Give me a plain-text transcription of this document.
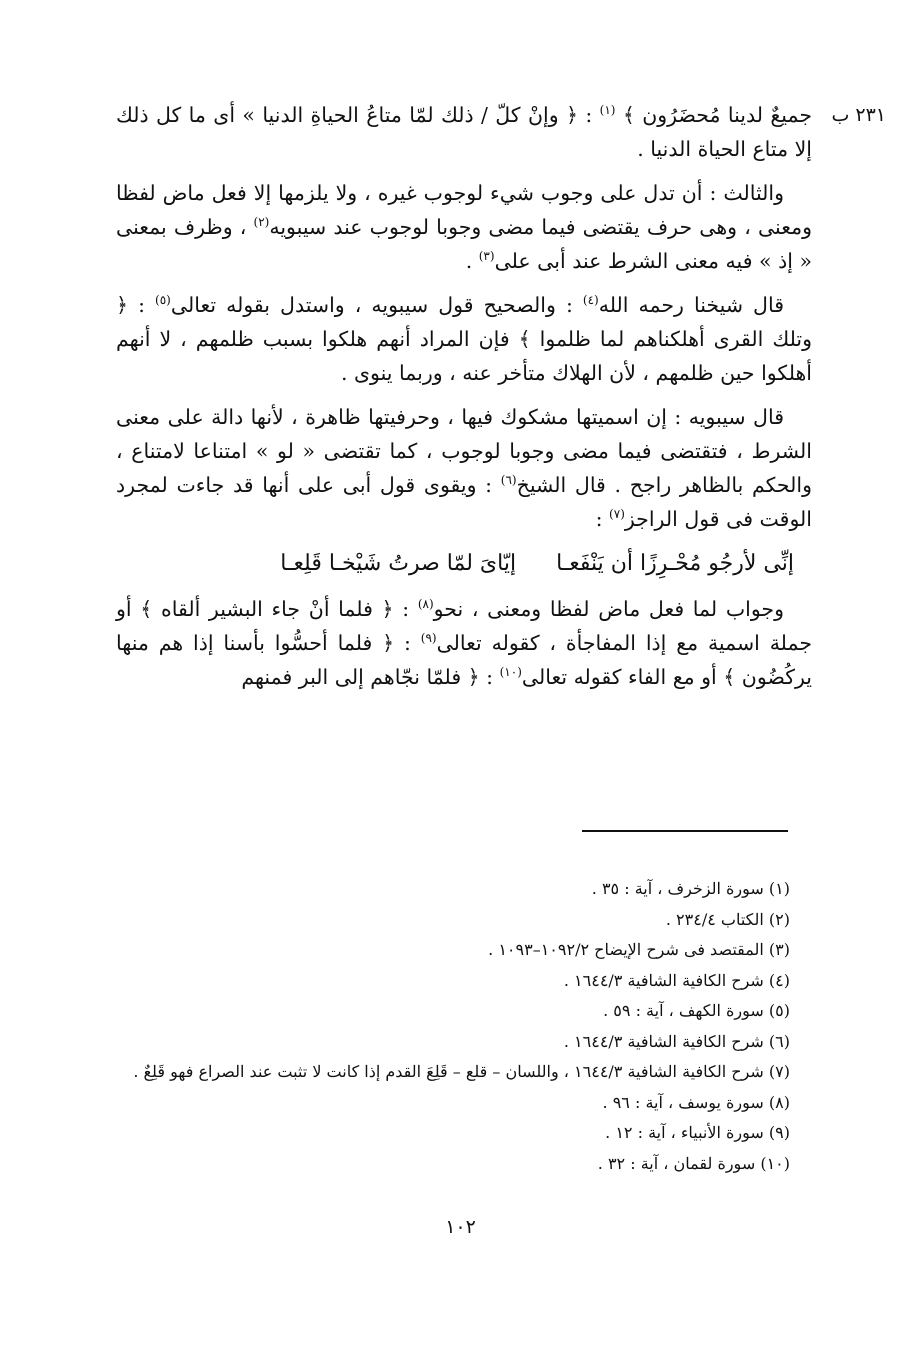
٢٣١ ب

جميعٌ لدينا مُحضَرُون ﴾ $^{(١)}$ : ﴿ وإنْ كلّ / ذلك لمّا متاعُ الحياةِ الدنيا » أى ما كل ذلك إلا متاع الحياة الدنيا .

والثالث : أن تدل على وجوب شيء لوجوب غيره ، ولا يلزمها إلا فعل ماض لفظا ومعنى ، وهى حرف يقتضى فيما مضى وجوبا لوجوب عند سيبويه$^{(٢)}$ ، وظرف بمعنى « إذ » فيه معنى الشرط عند أبى على$^{(٣)}$ .

قال شيخنا رحمه الله$^{(٤)}$ : والصحيح قول سيبويه ، واستدل بقوله تعالى$^{(٥)}$ : ﴿ وتلك القرى أهلكناهم لما ظلموا ﴾ فإن المراد أنهم هلكوا بسبب ظلمهم ، لا أنهم أهلكوا حين ظلمهم ، لأن الهلاك متأخر عنه ، وربما ينوى .

قال سيبويه : إن اسميتها مشكوك فيها ، وحرفيتها ظاهرة ، لأنها دالة على معنى الشرط ، فتقتضى فيما مضى وجوبا لوجوب ، كما تقتضى « لو » امتناعا لامتناع ، والحكم بالظاهر راجح . قال الشيخ$^{(٦)}$ : ويقوى قول أبى على أنها قد جاءت لمجرد الوقت فى قول الراجز$^{(٧)}$ :

إنِّى لأرجُو مُحْـرِزًا أن يَنْفَعـا
إيّاىَ لمّا صرتُ شَيْخـا قَلِعـا

وجواب لما فعل ماض لفظا ومعنى ، نحو$^{(٨)}$ : ﴿ فلما أنْ جاء البشير ألقاه ﴾ أو جملة اسمية مع إذا المفاجأة ، كقوله تعالى$^{(٩)}$ : ﴿ فلما أحسُّوا بأسنا إذا هم منها يركُضُون ﴾ أو مع الفاء كقوله تعالى$^{(١٠)}$ : ﴿ فلمّا نجّاهم إلى البر فمنهم

(١) سورة الزخرف ، آية : ٣٥ .
(٢) الكتاب ٢٣٤/٤ .
(٣) المقتصد فى شرح الإيضاح ١٠٩٢/٢–١٠٩٣ .
(٤) شرح الكافية الشافية ١٦٤٤/٣ .
(٥) سورة الكهف ، آية : ٥٩ .
(٦) شرح الكافية الشافية ١٦٤٤/٣ .
(٧) شرح الكافية الشافية ١٦٤٤/٣ ، واللسان – قلع – قَلِعَ القدم إذا كانت لا تثبت عند الصراع فهو قَلِعٌ .
(٨) سورة يوسف ، آية : ٩٦ .
(٩) سورة الأنبياء ، آية : ١٢ .
(١٠) سورة لقمان ، آية : ٣٢ .
١٠٢
